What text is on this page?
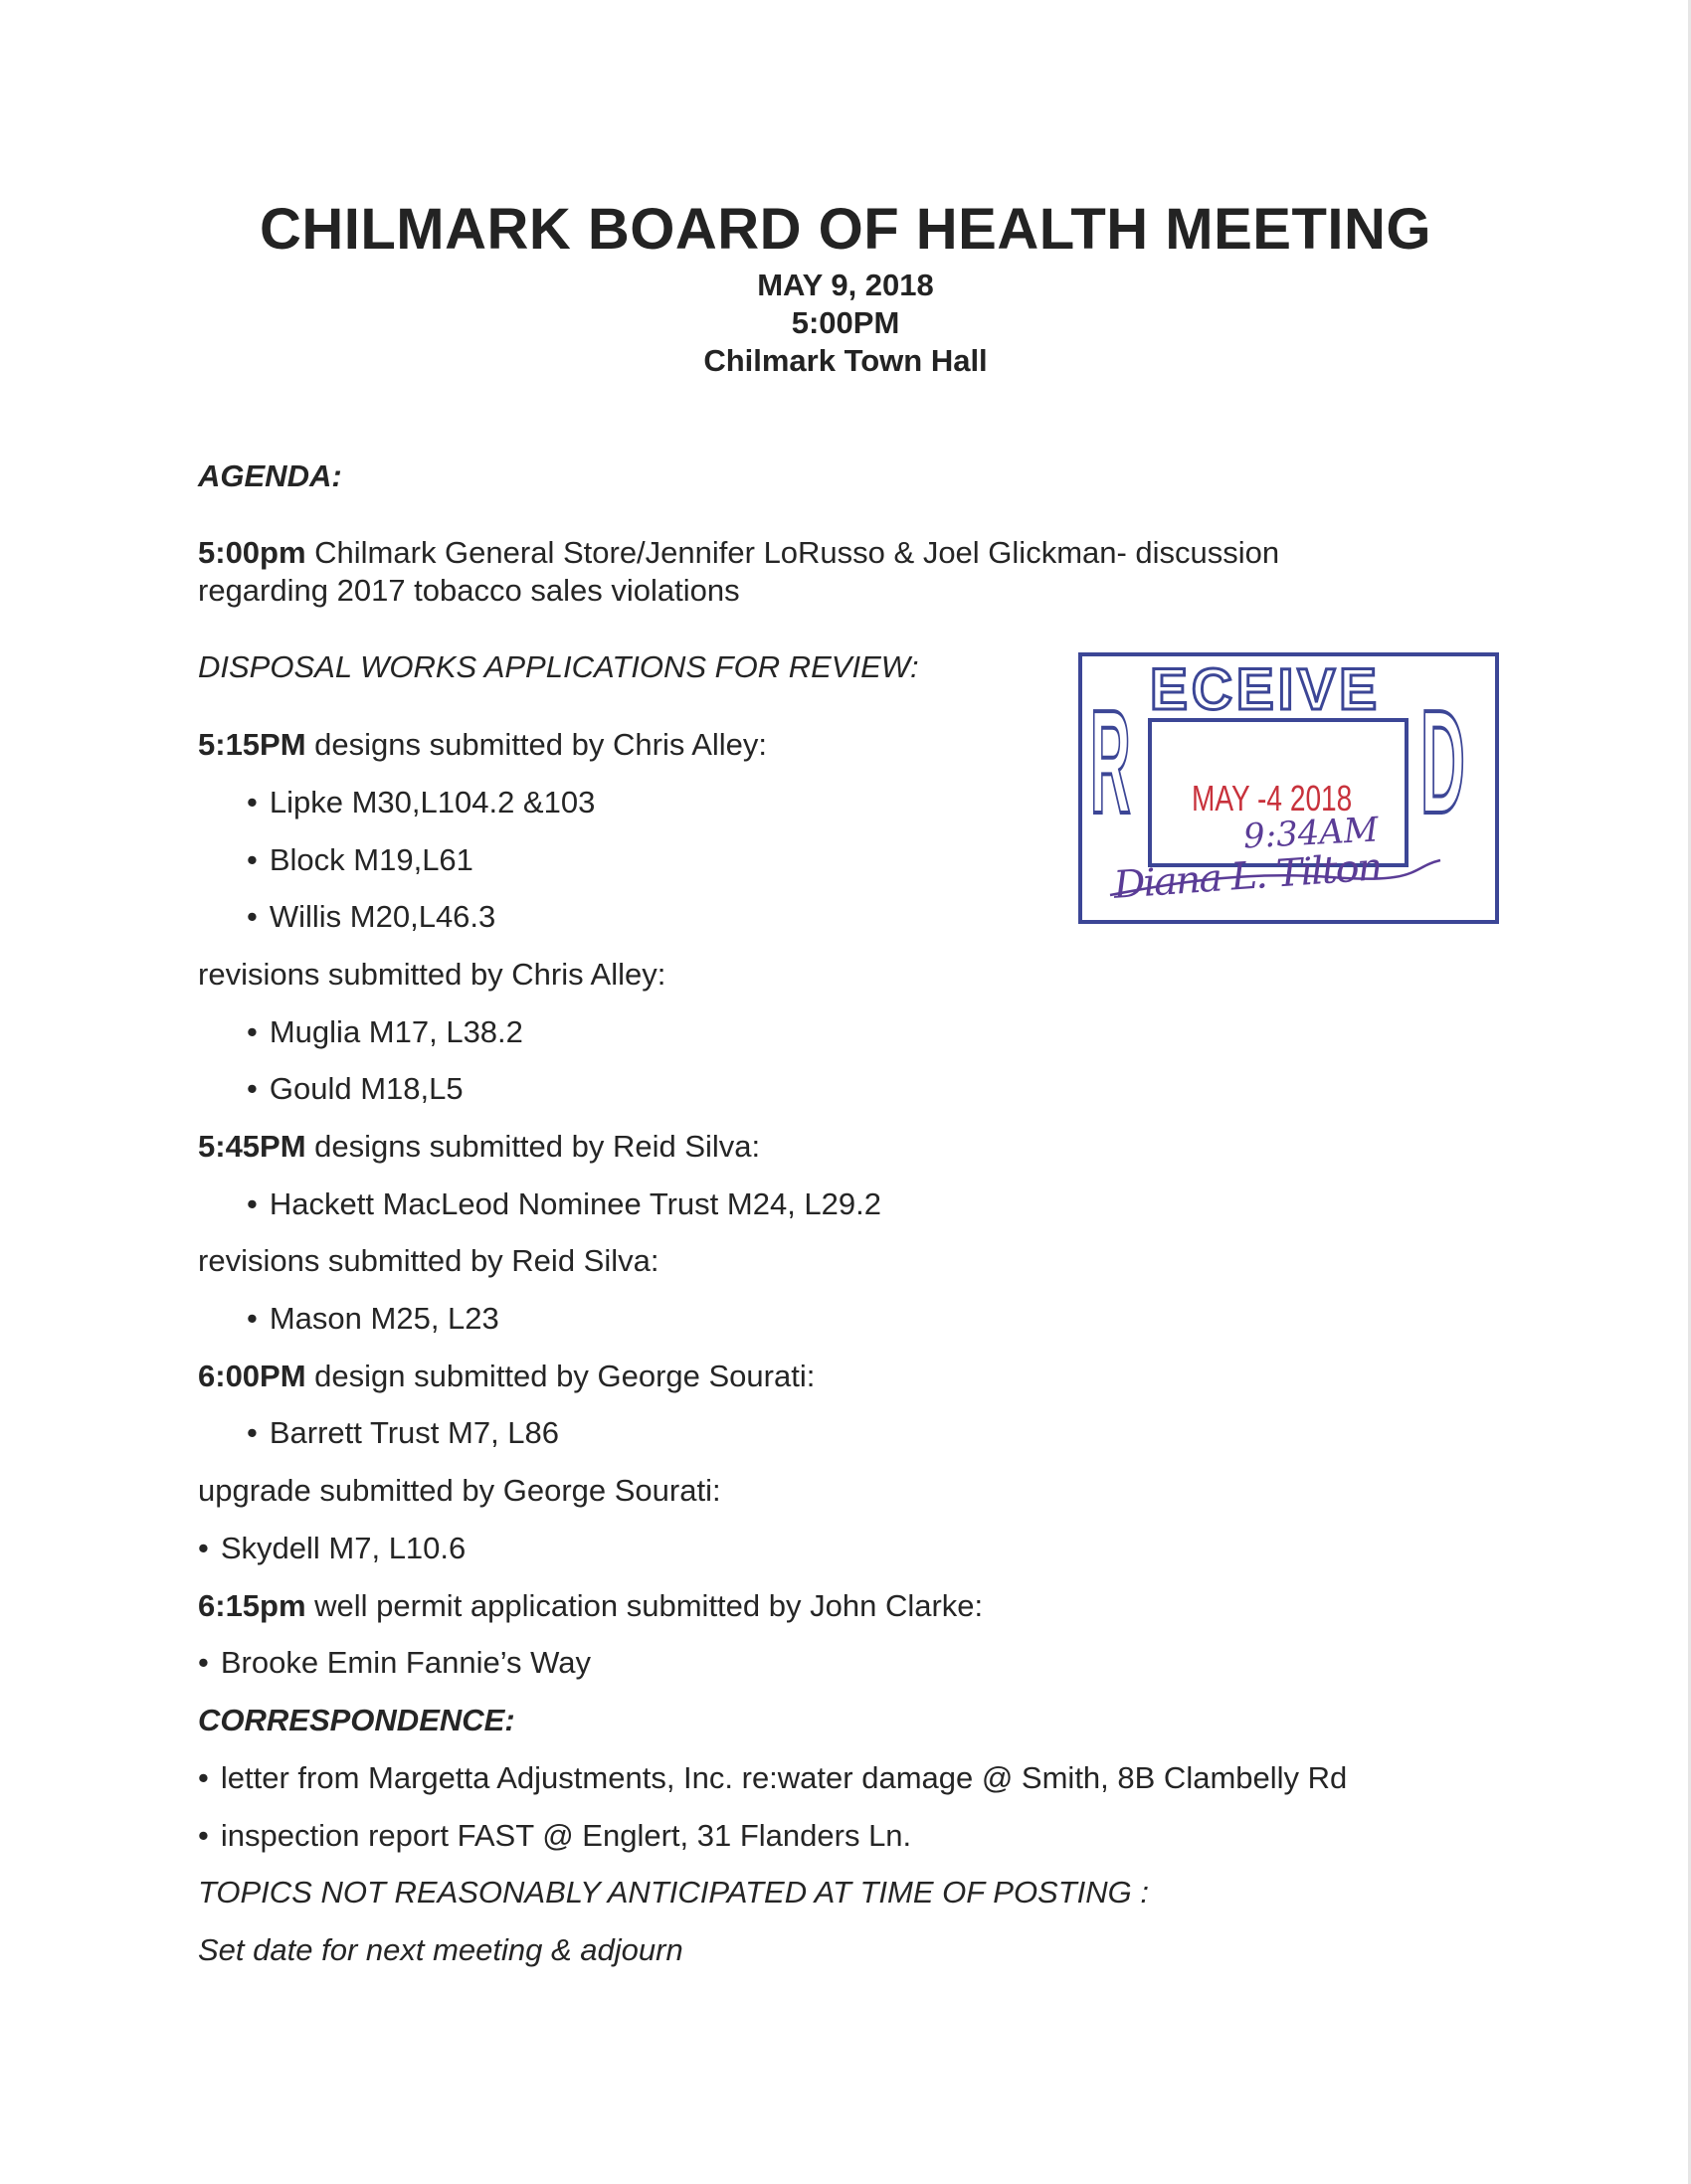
CHILMARK BOARD OF HEALTH MEETING
MAY 9, 2018
5:00PM
Chilmark Town Hall
AGENDA:
5:00pm Chilmark General Store/Jennifer LoRusso & Joel Glickman- discussion
regarding 2017 tobacco sales violations
DISPOSAL WORKS APPLICATIONS FOR REVIEW:
5:15PM designs submitted by Chris Alley:
• Lipke M30,L104.2 &103
• Block M19,L61
• Willis M20,L46.3
revisions submitted by Chris Alley:
• Muglia M17, L38.2
• Gould M18,L5
5:45PM designs submitted by Reid Silva:
• Hackett MacLeod Nominee Trust M24, L29.2
revisions submitted by Reid Silva:
• Mason M25, L23
6:00PM design submitted by George Sourati:
• Barrett Trust M7, L86
upgrade submitted by George Sourati:
• Skydell M7, L10.6
6:15pm well permit application submitted by John Clarke:
• Brooke Emin Fannie’s Way
CORRESPONDENCE:
• letter from Margetta Adjustments, Inc. re:water damage @ Smith, 8B Clambelly Rd
• inspection report FAST @ Englert, 31 Flanders Ln.
TOPICS NOT REASONABLY ANTICIPATED AT TIME OF POSTING :
Set date for next meeting & adjourn
R ECEIVE D
MAY -4 2018
9:34AM
Diana L. Tilton
